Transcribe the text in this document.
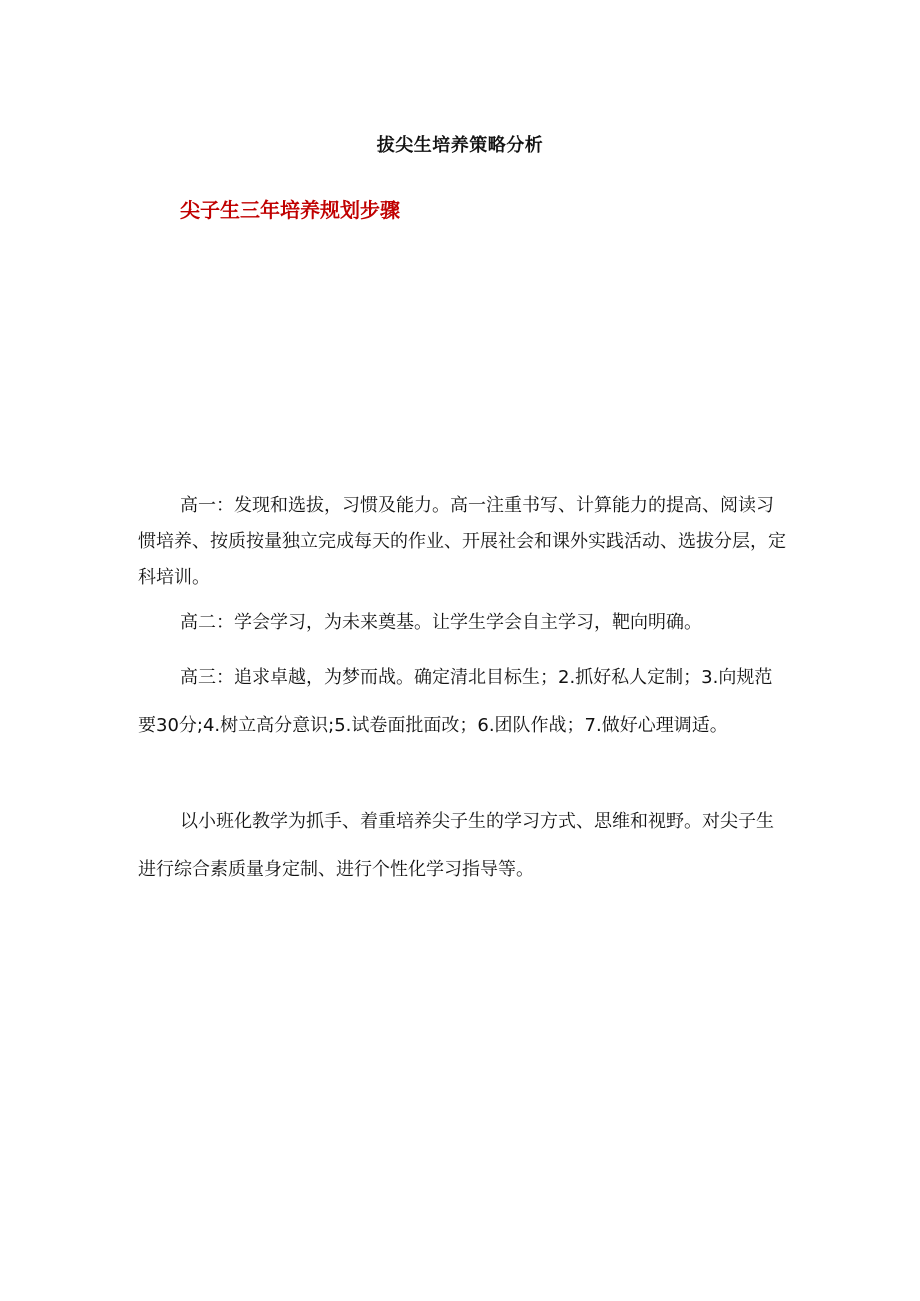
拔尖生培养策略分析
尖子生三年培养规划步骤

高一：发现和选拔，习惯及能力。高一注重书写、计算能力的提高、阅读习惯培养、按质按量独立完成每天的作业、开展社会和课外实践活动、选拔分层，定科培训。

高二：学会学习，为未来奠基。让学生学会自主学习，靶向明确。

高三：追求卓越，为梦而战。确定清北目标生；2.抓好私人定制；3.向规范要30分;4.树立高分意识;5.试卷面批面改；6.团队作战；7.做好心理调适。

以小班化教学为抓手、着重培养尖子生的学习方式、思维和视野。对尖子生进行综合素质量身定制、进行个性化学习指导等。
